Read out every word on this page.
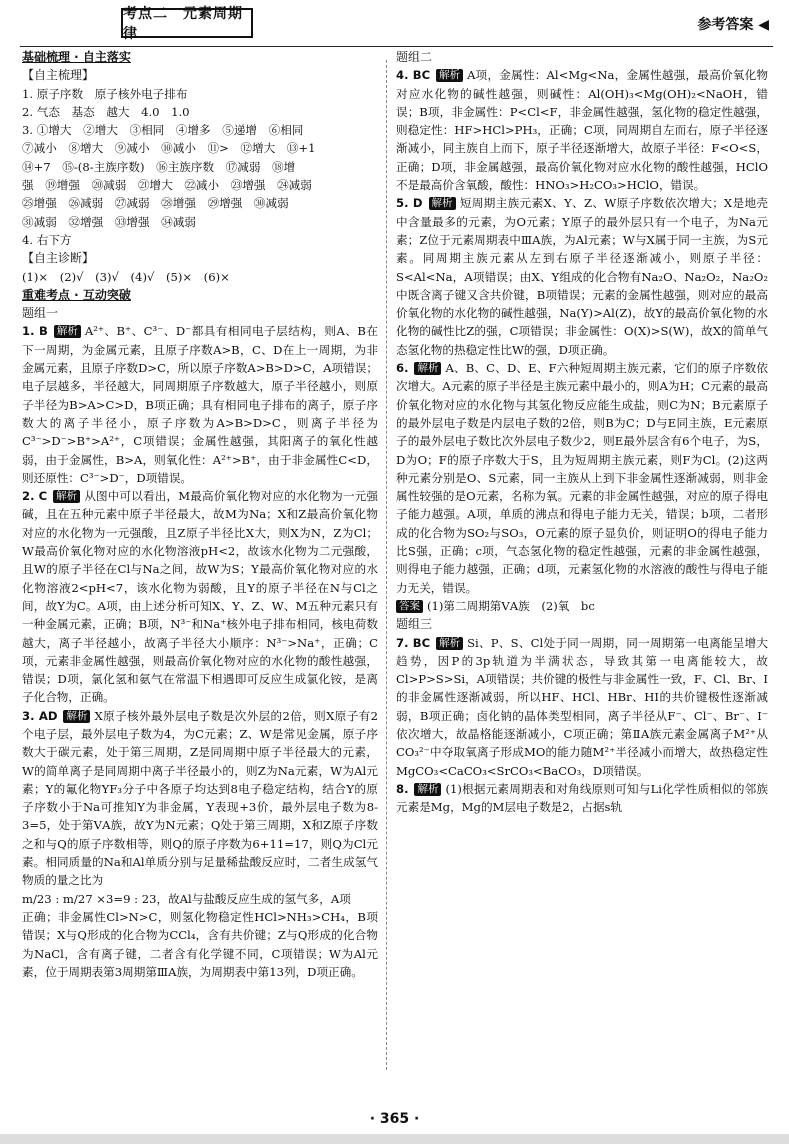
考点二　元素周期律
参考答案 ◀
基础梳理 · 自主落实
【自主梳理】
1. 原子序数　原子核外电子排布
2. 气态　基态　越大　4.0　1.0
3. ①增大　②增大　③相同　④增多　⑤递增　⑥相同
⑦减小　⑧增大　⑨减小　⑩减小　⑪>　⑫增大　⑬+1
⑭+7　⑮-(8-主族序数)　⑯主族序数　⑰减弱　⑱增
强　⑲增强　⑳减弱　㉑增大　㉒减小　㉓增强　㉔减弱
㉕增强　㉖减弱　㉗减弱　㉘增强　㉙增强　㉚减弱
㉛减弱　㉜增强　㉝增强　㉞减弱
4. 右下方
【自主诊断】
(1)×　(2)√　(3)√　(4)√　(5)×　(6)×
重难考点 · 互动突破
题组一

1. B 解析 A²⁺、B⁺、C³⁻、D⁻都具有相同电子层结构，则A、B在下一周期，为金属元素，且原子序数A>B，C、D在上一周期，为非金属元素，且原子序数D>C，所以原子序数A>B>D>C，A项错误；电子层越多，半径越大，同周期原子序数越大，原子半径越小，则原子半径为B>A>C>D，B项正确；具有相同电子排布的离子，原子序数大的离子半径小，原子序数为A>B>D>C，则离子半径为C³⁻>D⁻>B⁺>A²⁺，C项错误；金属性越强，其阳离子的氧化性越弱，由于金属性，B>A，则氧化性：A²⁺>B⁺，由于非金属性C<D，则还原性：C³⁻>D⁻，D项错误。

2. C 解析 从图中可以看出，M最高价氧化物对应的水化物为一元强碱，且在五种元素中原子半径最大，故M为Na；X和Z最高价氧化物对应的水化物为一元强酸，且Z原子半径比X大，则X为N，Z为Cl；W最高价氧化物对应的水化物溶液pH<2，故该水化物为二元强酸，且W的原子半径在Cl与Na之间，故W为S；Y最高价氧化物对应的水化物溶液2<pH<7，该水化物为弱酸，且Y的原子半径在N与Cl之间，故Y为C。A项，由上述分析可知X、Y、Z、W、M五种元素只有一种金属元素，正确；B项，N³⁻和Na⁺核外电子排布相同，核电荷数越大，离子半径越小，故离子半径大小顺序：N³⁻>Na⁺，正确；C项，元素非金属性越强，则最高价氧化物对应的水化物的酸性越强，错误；D项，氯化氢和氨气在常温下相遇即可反应生成氯化铵，是离子化合物，正确。

3. AD 解析 X原子核外最外层电子数是次外层的2倍，则X原子有2个电子层，最外层电子数为4，为C元素；Z、W是常见金属，原子序数大于碳元素，处于第三周期，Z是同周期中原子半径最大的元素，W的简单离子是同周期中离子半径最小的，则Z为Na元素，W为Al元素；Y的氟化物YF₃分子中各原子均达到8电子稳定结构，结合Y的原子序数小于Na可推知Y为非金属，Y表现+3价，最外层电子数为8-3=5，处于第ⅤA族，故Y为N元素；Q处于第三周期，X和Z原子序数之和与Q的原子序数相等，则Q的原子序数为6+11=17，则Q为Cl元素。相同质量的Na和Al单质分别与足量稀盐酸反应时，二者生成氢气物质的量之比为

m/23 : m/27 ×3=9 : 23，故Al与盐酸反应生成的氢气多，A项

正确；非金属性Cl>N>C，则氢化物稳定性HCl>NH₃>CH₄，B项错误；X与Q形成的化合物为CCl₄，含有共价键；Z与Q形成的化合物为NaCl，含有离子键，二者含有化学键不同，C项错误；W为Al元素，位于周期表第3周期第ⅢA族，为周期表中第13列，D项正确。

题组二

4. BC 解析 A项，金属性：Al<Mg<Na，金属性越强，最高价氧化物对应水化物的碱性越强，则碱性：Al(OH)₃<Mg(OH)₂<NaOH，错误；B项，非金属性：P<Cl<F，非金属性越强，氢化物的稳定性越强，则稳定性：HF>HCl>PH₃，正确；C项，同周期自左而右，原子半径逐渐减小，同主族自上而下，原子半径逐渐增大，故原子半径：F<O<S，正确；D项，非金属越强，最高价氧化物对应水化物的酸性越强，HClO不是最高价含氧酸，酸性：HNO₃>H₂CO₃>HClO，错误。

5. D 解析 短周期主族元素X、Y、Z、W原子序数依次增大；X是地壳中含量最多的元素，为O元素；Y原子的最外层只有一个电子，为Na元素；Z位于元素周期表中ⅢA族，为Al元素；W与X属于同一主族，为S元素。同周期主族元素从左到右原子半径逐渐减小，则原子半径：S<Al<Na，A项错误；由X、Y组成的化合物有Na₂O、Na₂O₂，Na₂O₂中既含离子键又含共价键，B项错误；元素的金属性越强，则对应的最高价氧化物的水化物的碱性越强，Na(Y)>Al(Z)，故Y的最高价氧化物的水化物的碱性比Z的强，C项错误；非金属性：O(X)>S(W)，故X的简单气态氢化物的热稳定性比W的强，D项正确。

6. 解析 A、B、C、D、E、F六种短周期主族元素，它们的原子序数依次增大。A元素的原子半径是主族元素中最小的，则A为H；C元素的最高价氧化物对应的水化物与其氢化物反应能生成盐，则C为N；B元素原子的最外层电子数是内层电子数的2倍，则B为C；D与E同主族，E元素原子的最外层电子数比次外层电子数少2，则E最外层含有6个电子，为S，D为O；F的原子序数大于S，且为短周期主族元素，则F为Cl。(2)这两种元素分别是O、S元素，同一主族从上到下非金属性逐渐减弱，则非金属性较强的是O元素，名称为氧。元素的非金属性越强，对应的原子得电子能力越强。A项，单质的沸点和得电子能力无关，错误；b项，二者形成的化合物为SO₂与SO₃，O元素的原子显负价，则证明O的得电子能力比S强，正确；c项，气态氢化物的稳定性越强，元素的非金属性越强，则得电子能力越强，正确；d项，元素氢化物的水溶液的酸性与得电子能力无关，错误。

答案 (1)第二周期第ⅤA族　(2)氧　bc

题组三

7. BC 解析 Si、P、S、Cl处于同一周期，同一周期第一电离能呈增大趋势，因P的3p轨道为半满状态，导致其第一电离能较大，故Cl>P>S>Si，A项错误；共价键的极性与非金属性一致，F、Cl、Br、I的非金属性逐渐减弱，所以HF、HCl、HBr、HI的共价键极性逐渐减弱，B项正确；卤化钠的晶体类型相同，离子半径从F⁻、Cl⁻、Br⁻、I⁻依次增大，故晶格能逐渐减小，C项正确；第ⅡA族元素金属离子M²⁺从CO₃²⁻中夺取氧离子形成MO的能力随M²⁺半径减小而增大，故热稳定性MgCO₃<CaCO₃<SrCO₃<BaCO₃，D项错误。

8. 解析 (1)根据元素周期表和对角线原则可知与Li化学性质相似的邻族元素是Mg，Mg的M层电子数是2，占据s轨

· 365 ·
